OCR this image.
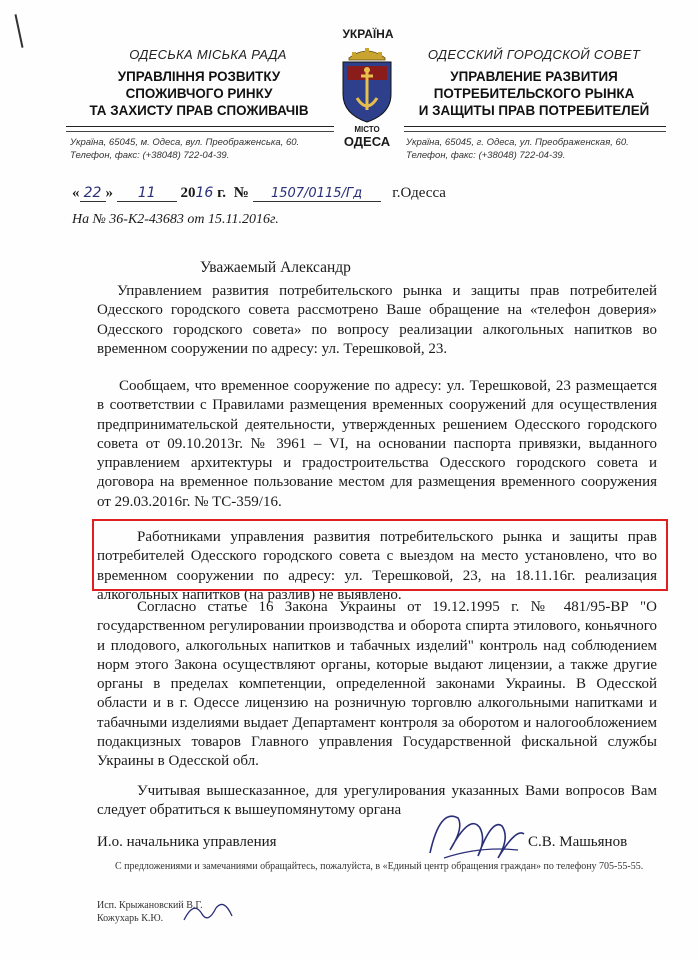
ОДЕСЬКА МІСЬКА РАДА
УПРАВЛІННЯ РОЗВИТКУ
СПОЖИВЧОГО РИНКУ
ТА ЗАХИСТУ ПРАВ СПОЖИВАЧІВ
Україна, 65045, м. Одеса, вул. Преображенська, 60.
Телефон, факс: (+38048) 722-04-39.
УКРАЇНА
МІСТО
ОДЕСА
ОДЕССКИЙ ГОРОДСКОЙ СОВЕТ
УПРАВЛЕНИЕ РАЗВИТИЯ
ПОТРЕБИТЕЛЬСКОГО РЫНКА
И ЗАЩИТЫ ПРАВ ПОТРЕБИТЕЛЕЙ
Україна, 65045, г. Одеса, ул. Преображенская, 60.
Телефон, факс: (+38048) 722-04-39.
« 22 » 11 2016 г. № 1507/0115/Гд г.Одесса
На № 36-К2-43683 от 15.11.2016г.
Уважаемый Александр
Управлением развития потребительского рынка и защиты прав потребителей Одесского городского совета рассмотрено Ваше обращение на «телефон доверия» Одесского городского совета» по вопросу реализации алкогольных напитков во временном сооружении по адресу: ул. Терешковой, 23.
Сообщаем, что временное сооружение по адресу: ул. Терешковой, 23 размещается в соответствии с Правилами размещения временных сооружений для осуществления предпринимательской деятельности, утвержденных решением Одесского городского совета от 09.10.2013г. № 3961 – VI, на основании паспорта привязки, выданного управлением архитектуры и градостроительства Одесского городского совета и договора на временное пользование местом для размещения временного сооружения от 29.03.2016г. № ТС-359/16.
Работниками управления развития потребительского рынка и защиты прав потребителей Одесского городского совета с выездом на место установлено, что во временном сооружении по адресу: ул. Терешковой, 23, на 18.11.16г. реализация алкогольных напитков (на разлив) не выявлено.
Согласно статье 16 Закона Украины от 19.12.1995 г. № 481/95-ВР "О государственном регулировании производства и оборота спирта этилового, коньячного и плодового, алкогольных напитков и табачных изделий" контроль над соблюдением норм этого Закона осуществляют органы, которые выдают лицензии, а также другие органы в пределах компетенции, определенной законами Украины. В Одесской области и в г. Одессе лицензию на розничную торговлю алкогольными напитками и табачными изделиями выдает Департамент контроля за оборотом и налогообложением подакцизных товаров Главного управления Государственной фискальной службы Украины в Одесской обл.
Учитывая вышесказанное, для урегулирования указанных Вами вопросов Вам следует обратиться к вышеупомянутому органа
И.о. начальника управления	С.В. Машьянов
С предложениями и замечаниями обращайтесь, пожалуйста, в «Единый центр обращения граждан» по телефону 705-55-55.
Исп. Крыжановский В.Г.
Кожухарь К.Ю.
